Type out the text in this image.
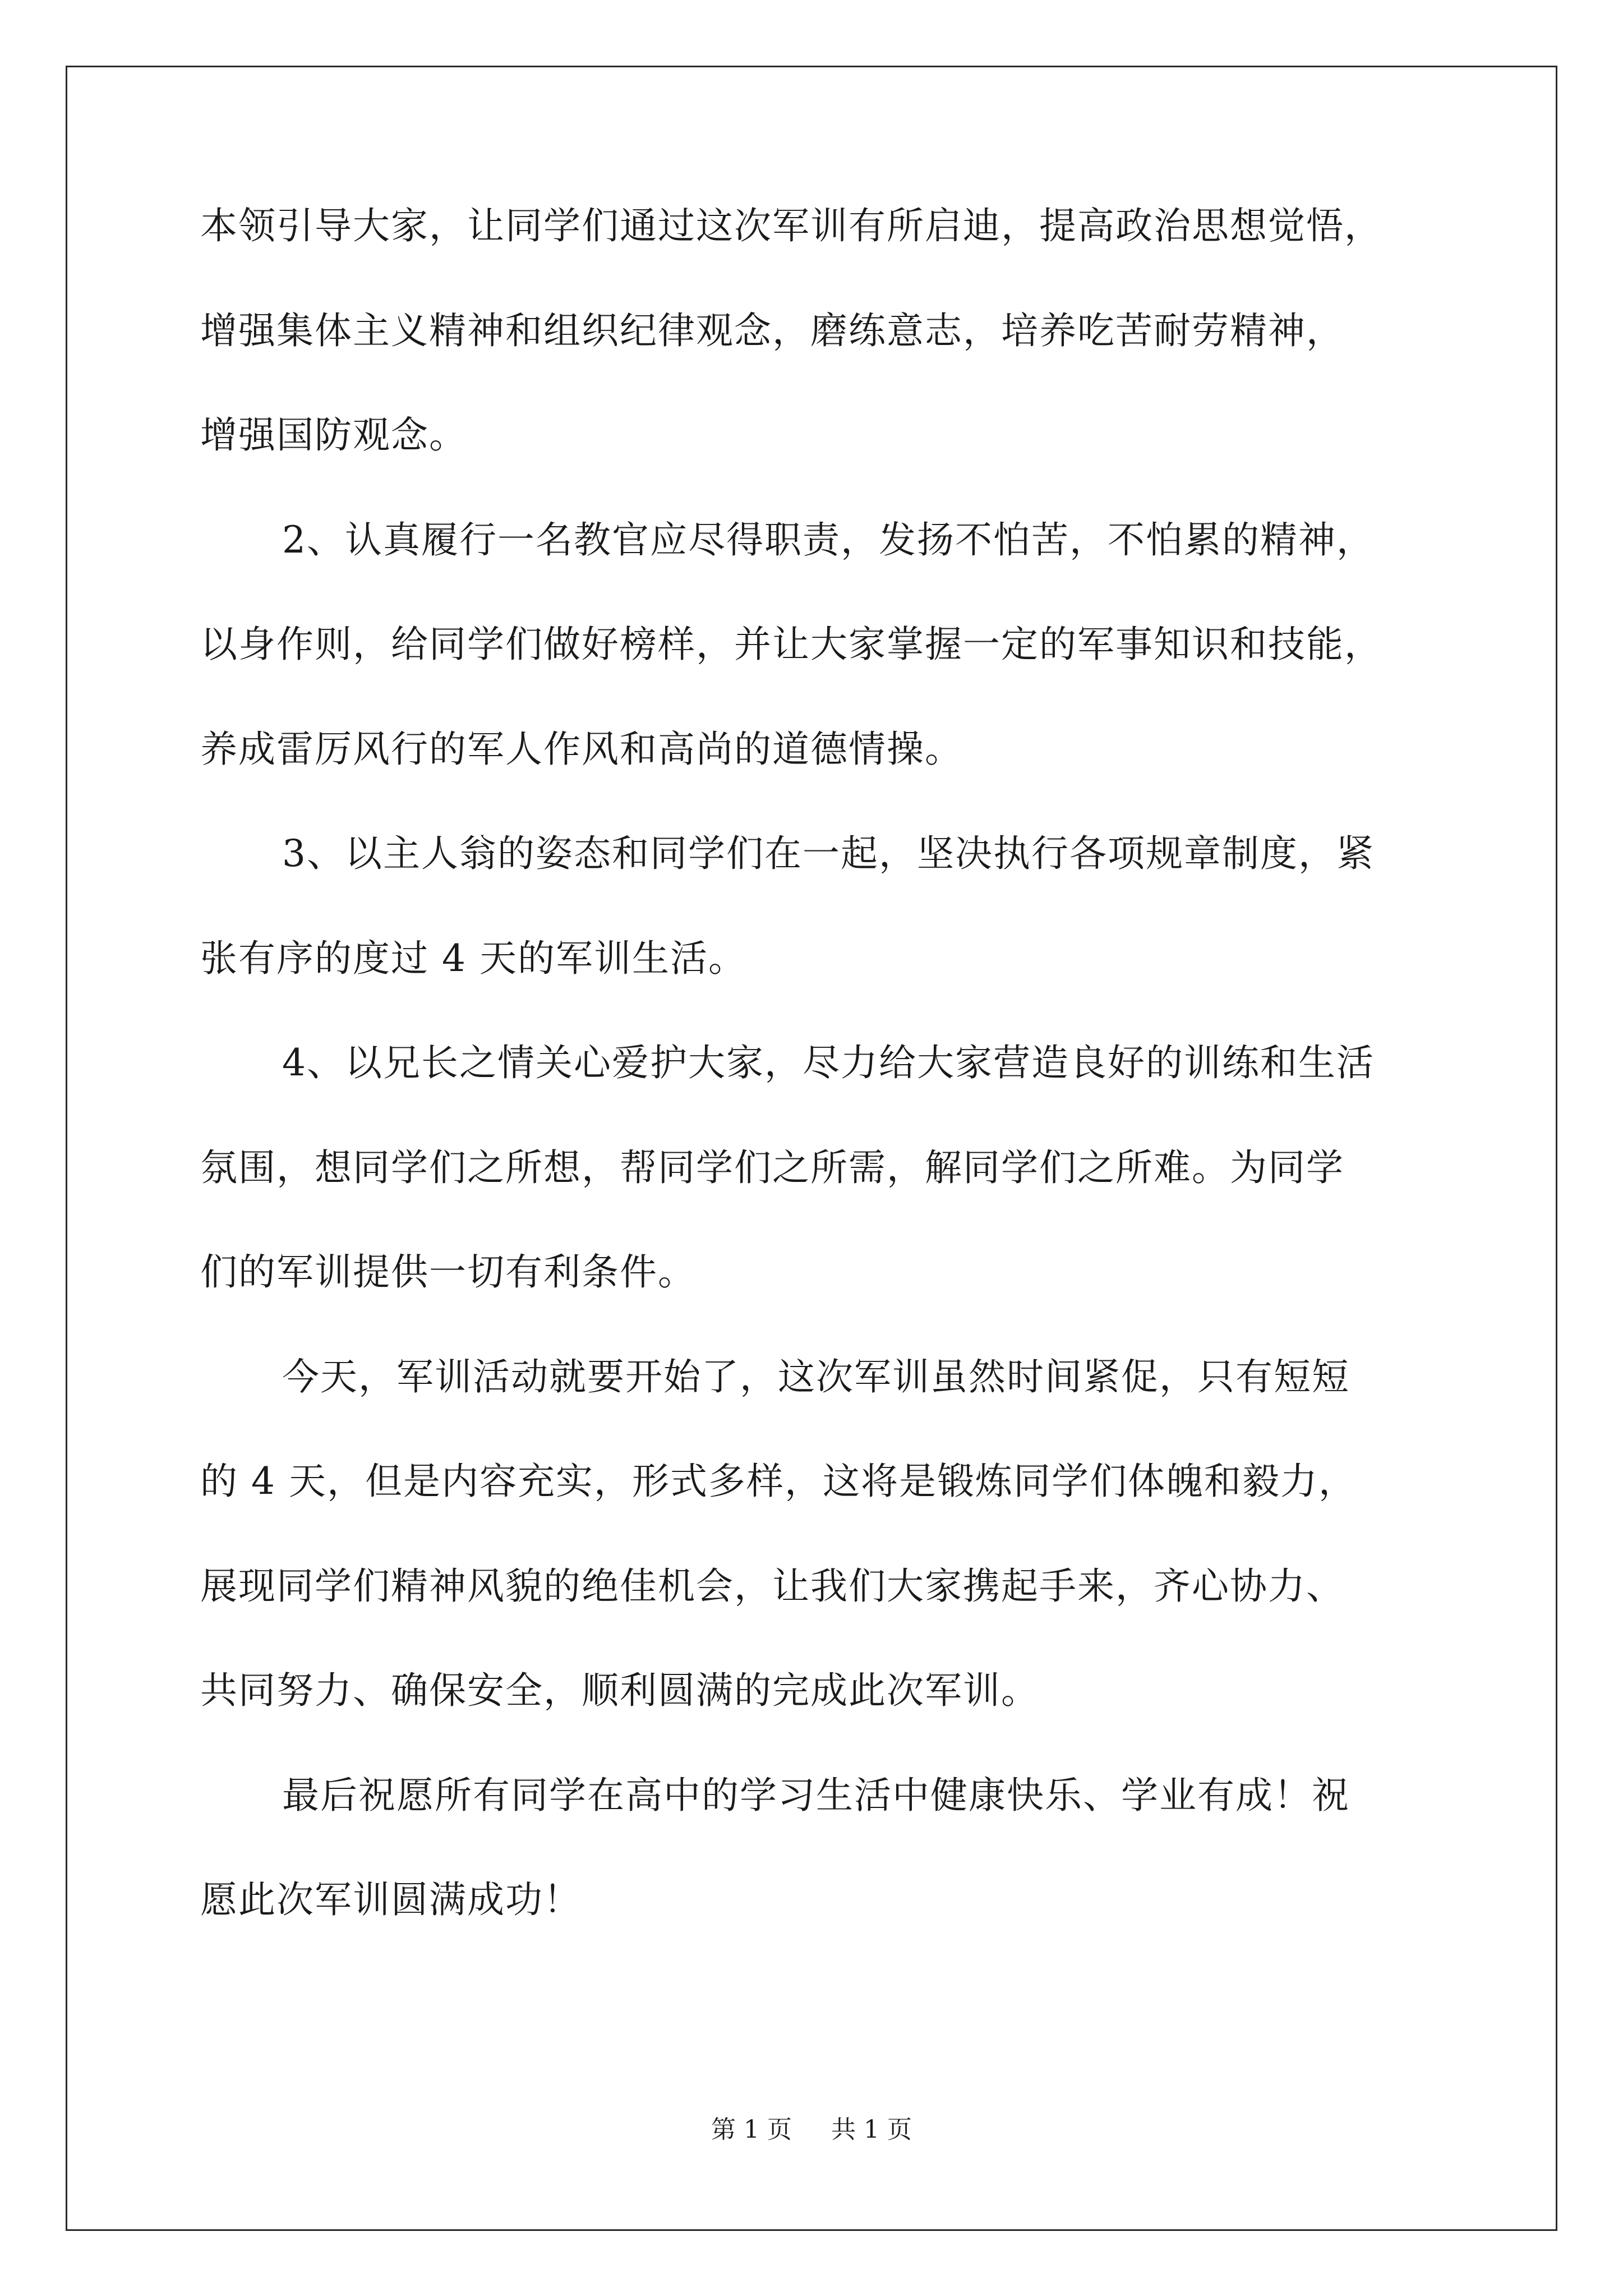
本领引导大家，让同学们通过这次军训有所启迪，提高政治思想觉悟，
增强集体主义精神和组织纪律观念，磨练意志，培养吃苦耐劳精神，
增强国防观念。
2、认真履行一名教官应尽得职责，发扬不怕苦，不怕累的精神，
以身作则，给同学们做好榜样，并让大家掌握一定的军事知识和技能，
养成雷厉风行的军人作风和高尚的道德情操。
3、以主人翁的姿态和同学们在一起，坚决执行各项规章制度，紧
张有序的度过 4 天的军训生活。
4、以兄长之情关心爱护大家，尽力给大家营造良好的训练和生活
氛围，想同学们之所想，帮同学们之所需，解同学们之所难。为同学
们的军训提供一切有利条件。
今天，军训活动就要开始了，这次军训虽然时间紧促，只有短短
的 4 天，但是内容充实，形式多样，这将是锻炼同学们体魄和毅力，
展现同学们精神风貌的绝佳机会，让我们大家携起手来，齐心协力、
共同努力、确保安全，顺利圆满的完成此次军训。
最后祝愿所有同学在高中的学习生活中健康快乐、学业有成！祝
愿此次军训圆满成功！
第 1 页 共 1 页
